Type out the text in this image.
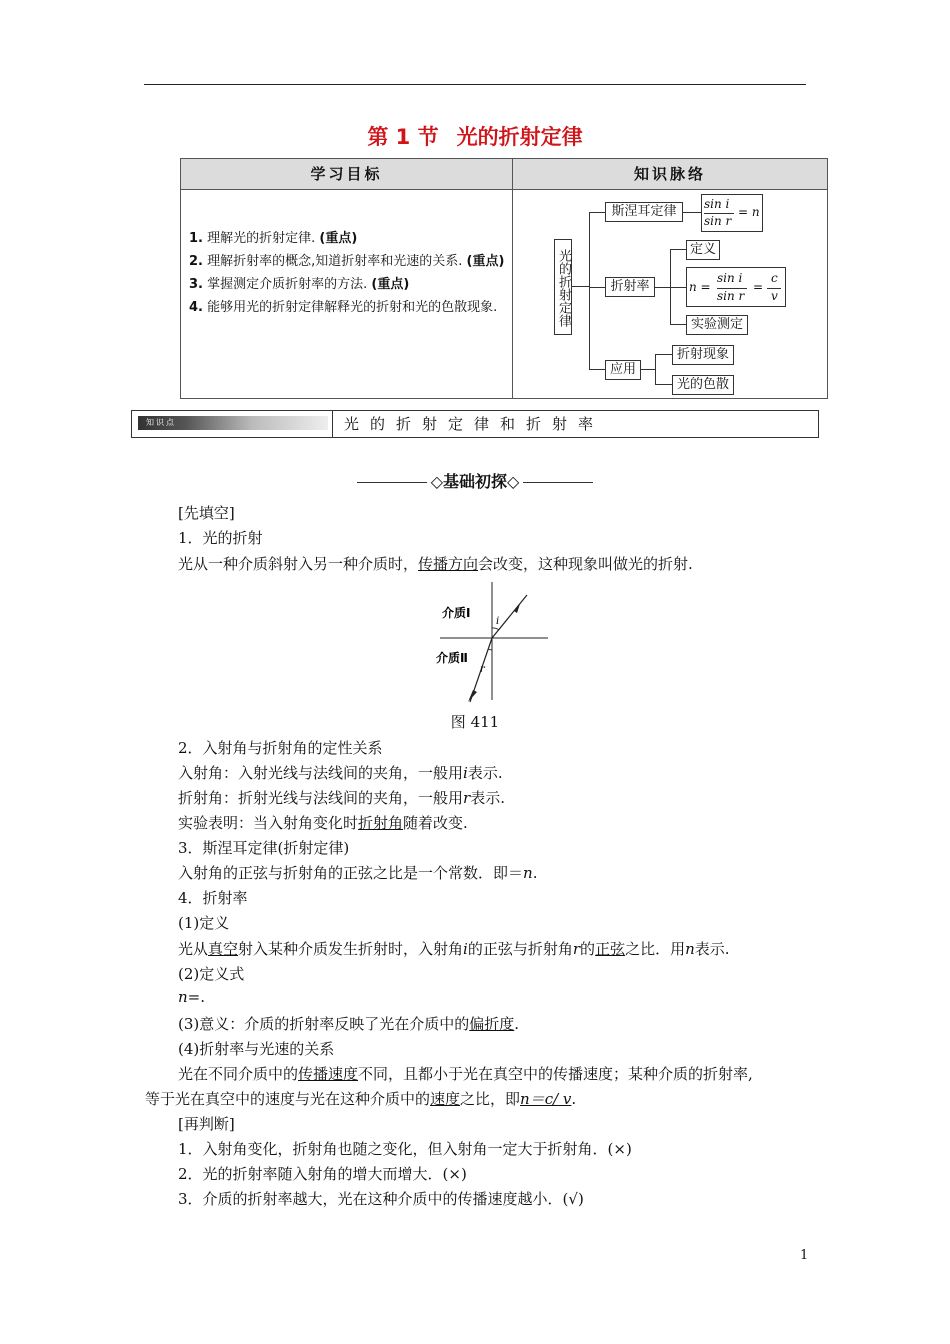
第 1 节 光的折射定律
学习目标	知识脉络
1. 理解光的折射定律. (重点)
2. 理解折射率的概念,知道折射率和光速的关系. (重点)
3. 掌握测定介质折射率的方法. (重点)
4. 能够用光的折射定律解释光的折射和光的色散现象.	光的折射定律
斯涅耳定律	sin i
sin r
= n
折射率
定义
n =
sin i
sin r
=
c
v
实验测定
应用
折射现象
光的色散
知识点	光的折射定律和折射率
◇基础初探◇
[先填空]
1．光的折射
光从一种介质斜射入另一种介质时，传播方向会改变，这种现象叫做光的折射.
介质Ⅰ
介质Ⅱ
i
r
图 411
2．入射角与折射角的定性关系
入射角：入射光线与法线间的夹角，一般用i表示.
折射角：折射光线与法线间的夹角，一般用r表示.
实验表明：当入射角变化时折射角随着改变.
3．斯涅耳定律(折射定律)
入射角的正弦与折射角的正弦之比是一个常数．即＝n.
4．折射率
(1)定义
光从真空射入某种介质发生折射时，入射角i的正弦与折射角r的正弦之比．用n表示.
(2)定义式
n=.
(3)意义：介质的折射率反映了光在介质中的偏折度.
(4)折射率与光速的关系
光在不同介质中的传播速度不同，且都小于光在真空中的传播速度；某种介质的折射率,
等于光在真空中的速度与光在这种介质中的速度之比，即n＝c/ v.
[再判断]
1．入射角变化，折射角也随之变化，但入射角一定大于折射角．(×)
2．光的折射率随入射角的增大而增大．(×)
3．介质的折射率越大，光在这种介质中的传播速度越小．(√)
1
